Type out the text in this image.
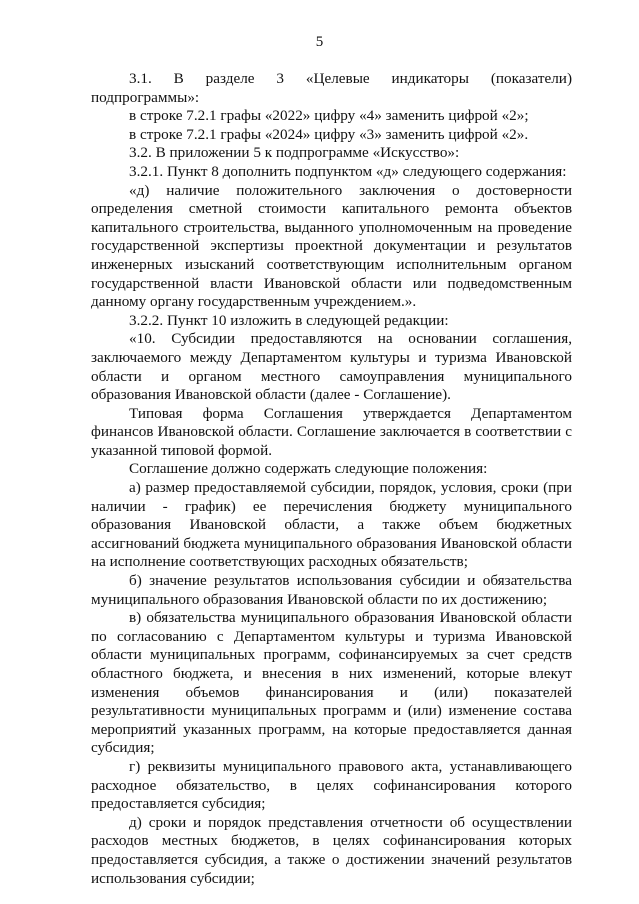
5

3.1. В разделе 3 «Целевые индикаторы (показатели) подпрограммы»:

в строке 7.2.1 графы «2022» цифру «4» заменить цифрой «2»;

в строке 7.2.1 графы «2024» цифру «3» заменить цифрой «2».

3.2. В приложении 5 к подпрограмме «Искусство»:

3.2.1. Пункт 8 дополнить подпунктом «д» следующего содержания:

«д) наличие положительного заключения о достоверности определения сметной стоимости капитального ремонта объектов капитального строительства, выданного уполномоченным на проведение государственной экспертизы проектной документации и результатов инженерных изысканий соответствующим исполнительным органом государственной власти Ивановской области или подведомственным данному органу государственным учреждением.».

3.2.2. Пункт 10 изложить в следующей редакции:

«10. Субсидии предоставляются на основании соглашения, заключаемого между Департаментом культуры и туризма Ивановской области и органом местного самоуправления муниципального образования Ивановской области (далее - Соглашение).

Типовая форма Соглашения утверждается Департаментом финансов Ивановской области. Соглашение заключается в соответствии с указанной типовой формой.

Соглашение должно содержать следующие положения:

а) размер предоставляемой субсидии, порядок, условия, сроки (при наличии - график) ее перечисления бюджету муниципального образования Ивановской области, а также объем бюджетных ассигнований бюджета муниципального образования Ивановской области на исполнение соответствующих расходных обязательств;

б) значение результатов использования субсидии и обязательства муниципального образования Ивановской области по их достижению;

в) обязательства муниципального образования Ивановской области по согласованию с Департаментом культуры и туризма Ивановской области муниципальных программ, софинансируемых за счет средств областного бюджета, и внесения в них изменений, которые влекут изменения объемов финансирования и (или) показателей результативности муниципальных программ и (или) изменение состава мероприятий указанных программ, на которые предоставляется данная субсидия;

г) реквизиты муниципального правового акта, устанавливающего расходное обязательство, в целях софинансирования которого предоставляется субсидия;

д) сроки и порядок представления отчетности об осуществлении расходов местных бюджетов, в целях софинансирования которых предоставляется субсидия, а также о достижении значений результатов использования субсидии;
